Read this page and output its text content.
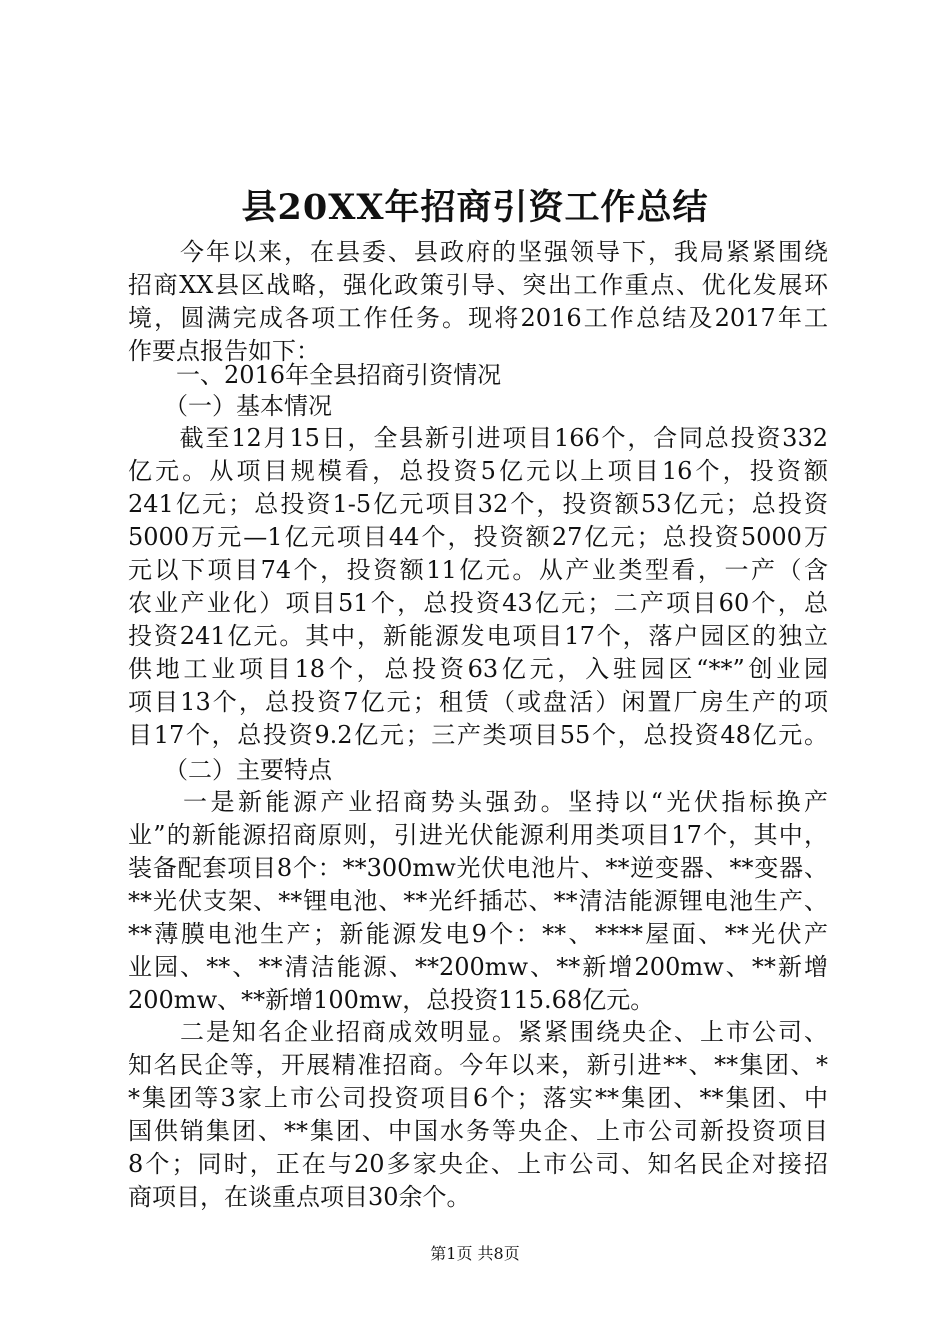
县20XX年招商引资工作总结
　　今年以来，在县委、县政府的坚强领导下，我局紧紧围绕
招商XX县区战略，强化政策引导、突出工作重点、优化发展环
境，圆满完成各项工作任务。现将2016工作总结及2017年工
作要点报告如下：
　　一、2016年全县招商引资情况
　　（一）基本情况
　　截至12月15日，全县新引进项目166个，合同总投资332
亿元。从项目规模看，总投资5亿元以上项目16个，投资额
241亿元；总投资1-5亿元项目32个，投资额53亿元；总投资
5000万元—1亿元项目44个，投资额27亿元；总投资5000万
元以下项目74个，投资额11亿元。从产业类型看，一产（含
农业产业化）项目51个，总投资43亿元；二产项目60个，总
投资241亿元。其中，新能源发电项目17个，落户园区的独立
供地工业项目18个，总投资63亿元，入驻园区“**”创业园
项目13个，总投资7亿元；租赁（或盘活）闲置厂房生产的项
目17个，总投资9.2亿元；三产类项目55个，总投资48亿元。
　　（二）主要特点
　　一是新能源产业招商势头强劲。坚持以“光伏指标换产
业”的新能源招商原则，引进光伏能源利用类项目17个，其中，
装备配套项目8个：**300mw光伏电池片、**逆变器、**变器、
**光伏支架、**锂电池、**光纤插芯、**清洁能源锂电池生产、
**薄膜电池生产；新能源发电9个：**、****屋面、**光伏产
业园、**、**清洁能源、**200mw、**新增200mw、**新增
200mw、**新增100mw，总投资115.68亿元。
　　二是知名企业招商成效明显。紧紧围绕央企、上市公司、
知名民企等，开展精准招商。今年以来，新引进**、**集团、*
*集团等3家上市公司投资项目6个；落实**集团、**集团、中
国供销集团、**集团、中国水务等央企、上市公司新投资项目
8个；同时，正在与20多家央企、上市公司、知名民企对接招
商项目，在谈重点项目30余个。
第1页 共8页
